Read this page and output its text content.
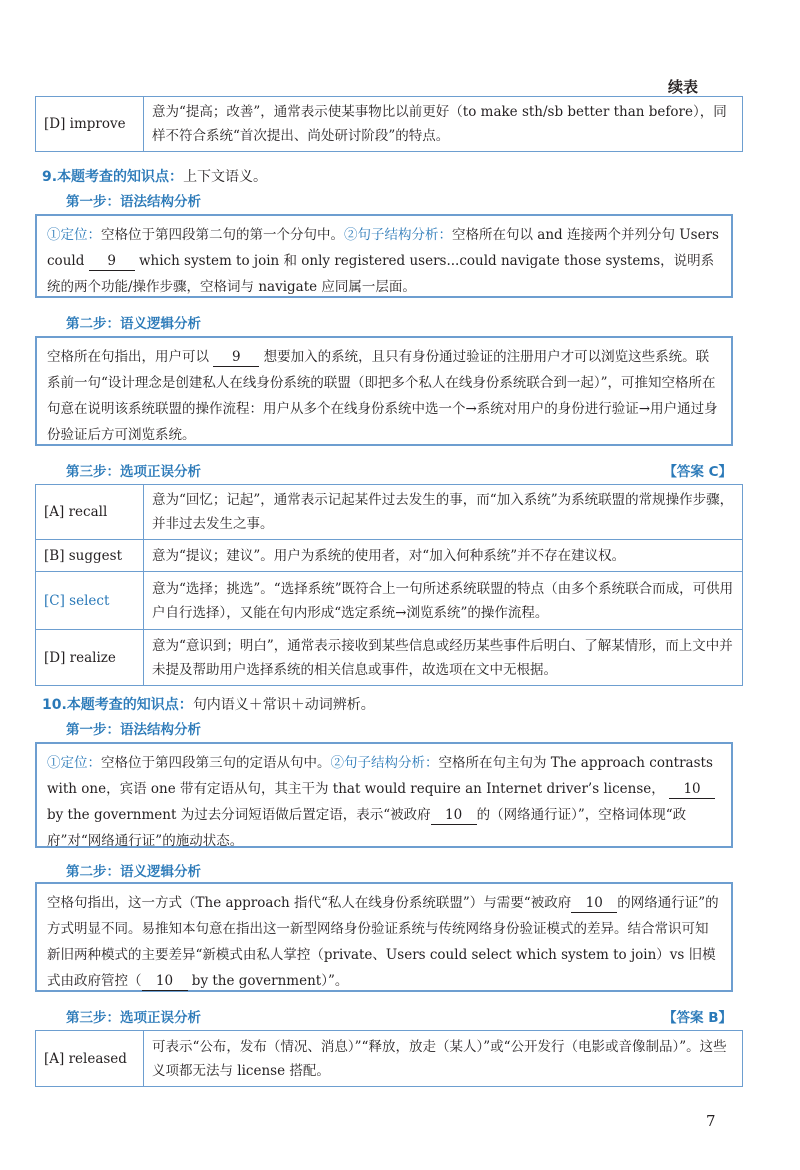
续表
[D] improve	意为“提高；改善”，通常表示使某事物比以前更好（to make sth/sb better than before），同样不符合系统“首次提出、尚处研讨阶段”的特点。
9.本题考查的知识点：上下文语义。
第一步：语法结构分析
①定位：空格位于第四段第二句的第一个分句中。②句子结构分析：空格所在句以 and 连接两个并列分句 Users could 9 which system to join 和 only registered users...could navigate those systems，说明系统的两个功能/操作步骤，空格词与 navigate 应同属一层面。
第二步：语义逻辑分析
空格所在句指出，用户可以 9 想要加入的系统，且只有身份通过验证的注册用户才可以浏览这些系统。联系前一句“设计理念是创建私人在线身份系统的联盟（即把多个私人在线身份系统联合到一起）”，可推知空格所在句意在说明该系统联盟的操作流程：用户从多个在线身份系统中选一个→系统对用户的身份进行验证→用户通过身份验证后方可浏览系统。
第三步：选项正误分析	【答案 C】
[A] recall	意为“回忆；记起”，通常表示记起某件过去发生的事，而“加入系统”为系统联盟的常规操作步骤，并非过去发生之事。
[B] suggest	意为“提议；建议”。用户为系统的使用者，对“加入何种系统”并不存在建议权。
[C] select	意为“选择；挑选”。“选择系统”既符合上一句所述系统联盟的特点（由多个系统联合而成，可供用户自行选择），又能在句内形成“选定系统→浏览系统”的操作流程。
[D] realize	意为“意识到；明白”，通常表示接收到某些信息或经历某些事件后明白、了解某情形，而上文中并未提及帮助用户选择系统的相关信息或事件，故选项在文中无根据。
10.本题考查的知识点：句内语义＋常识＋动词辨析。
第一步：语法结构分析
①定位：空格位于第四段第三句的定语从句中。②句子结构分析：空格所在句主句为 The approach contrasts with one，宾语 one 带有定语从句，其主干为 that would require an Internet driver’s license， 10 by the government 为过去分词短语做后置定语，表示“被政府 10 的（网络通行证）”，空格词体现“政府”对“网络通行证”的施动状态。
第二步：语义逻辑分析
空格句指出，这一方式（The approach 指代“私人在线身份系统联盟”）与需要“被政府 10 的网络通行证”的方式明显不同。易推知本句意在指出这一新型网络身份验证系统与传统网络身份验证模式的差异。结合常识可知新旧两种模式的主要差异“新模式由私人掌控（private、Users could select which system to join）vs 旧模式由政府管控（ 10 by the government）”。
第三步：选项正误分析	【答案 B】
[A] released	可表示“公布，发布（情况、消息）”“释放，放走（某人）”或“公开发行（电影或音像制品）”。这些义项都无法与 license 搭配。
7
